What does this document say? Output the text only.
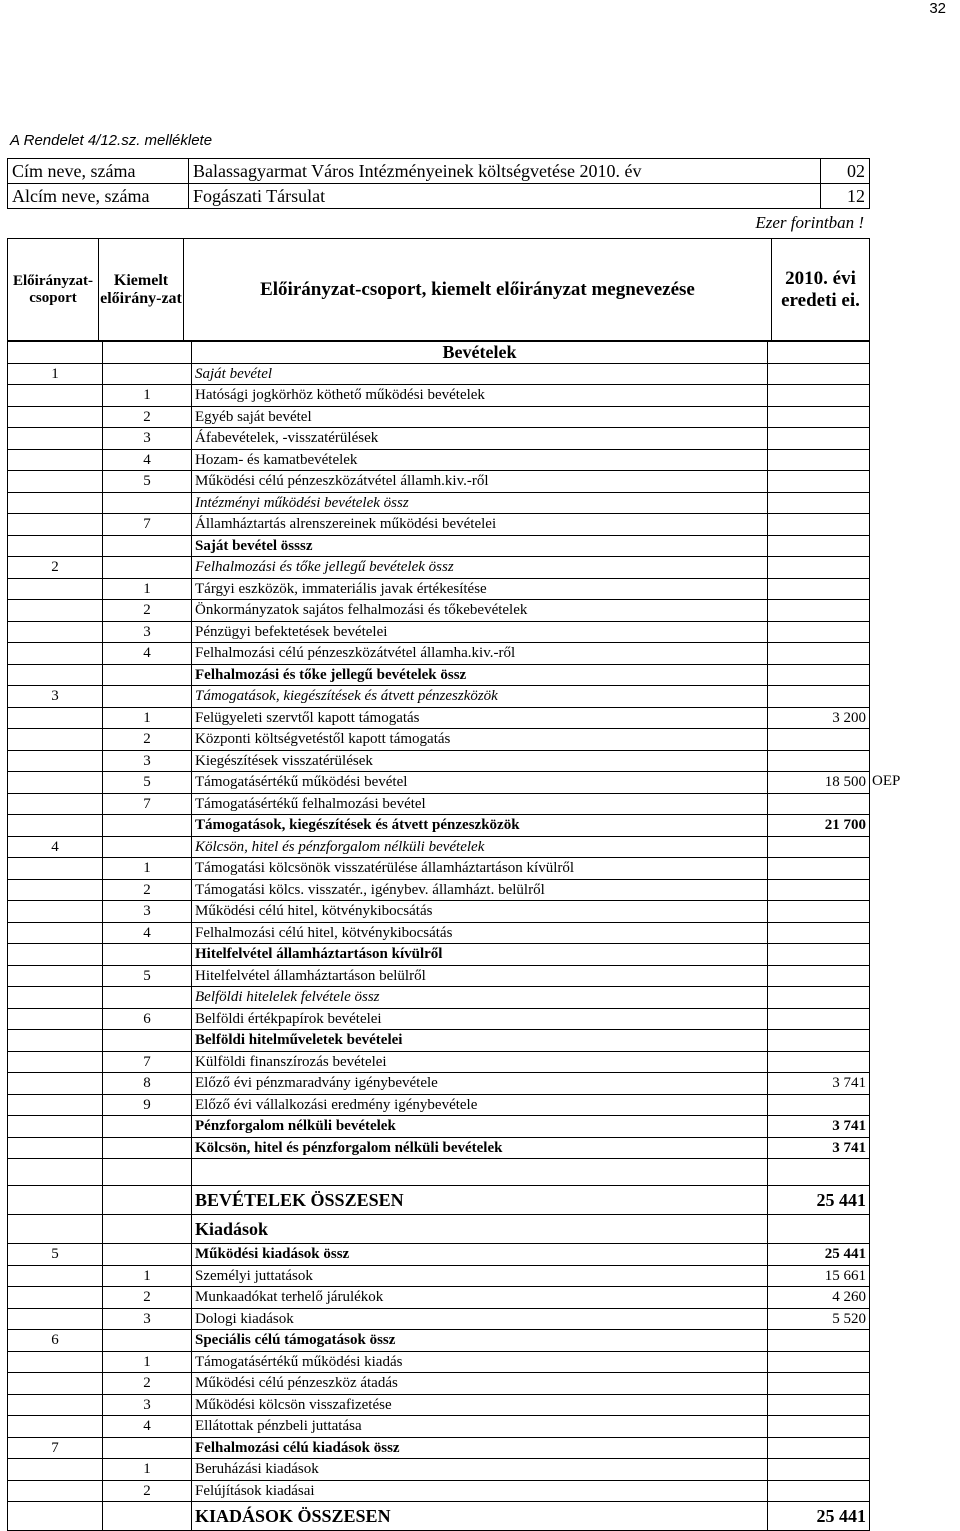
32
A Rendelet 4/12.sz. melléklete
Cím neve, száma	Balassagyarmat Város Intézményeinek költségvetése 2010. év	02
Alcím neve, száma	Fogászati Társulat	12
Ezer forintban !
Előirányzat-csoport	Kiemelt előirány-zat	Előirányzat-csoport, kiemelt előirányzat megnevezése	2010. évi eredeti ei.
		Bevételek	
1		Saját bevétel	
	1	Hatósági jogkörhöz köthető működési bevételek	
	2	Egyéb saját bevétel	
	3	Áfabevételek, -visszatérülések	
	4	Hozam- és kamatbevételek	
	5	Működési célú pénzeszközátvétel államh.kiv.-ről	
		Intézményi működési bevételek össz	
	7	Államháztartás alrenszereinek működési bevételei	
		Saját bevétel össsz	
2		Felhalmozási és tőke jellegű bevételek össz	
	1	Tárgyi eszközök, immateriális javak értékesítése	
	2	Önkormányzatok sajátos felhalmozási és tőkebevételek	
	3	Pénzügyi befektetések bevételei	
	4	Felhalmozási célú pénzeszközátvétel államha.kiv.-ről	
		Felhalmozási és tőke jellegű bevételek össz	
3		Támogatások, kiegészítések és átvett pénzeszközök	
	1	Felügyeleti szervtől kapott támogatás	3 200
	2	Központi költségvetéstől kapott támogatás	
	3	Kiegészítések visszatérülések	
	5	Támogatásértékű működési bevétel	18 500
	7	Támogatásértékű felhalmozási bevétel	
		Támogatások, kiegészítések és átvett pénzeszközök	21 700
4		Kölcsön, hitel és pénzforgalom nélküli bevételek	
	1	Támogatási kölcsönök visszatérülése államháztartáson kívülről	
	2	Támogatási kölcs. visszatér., igénybev. államházt. belülről	
	3	Működési célú hitel, kötvénykibocsátás	
	4	Felhalmozási célú hitel, kötvénykibocsátás	
		Hitelfelvétel államháztartáson kívülről	
	5	Hitelfelvétel államháztartáson belülről	
		Belföldi hitelelek felvétele össz	
	6	Belföldi értékpapírok bevételei	
		Belföldi hitelműveletek bevételei	
	7	Külföldi finanszírozás bevételei	
	8	Előző évi pénzmaradvány igénybevétele	3 741
	9	Előző évi vállalkozási eredmény igénybevétele	
		Pénzforgalom nélküli bevételek	3 741
		Kölcsön, hitel és pénzforgalom nélküli bevételek	3 741

		BEVÉTELEK ÖSSZESEN	25 441
		Kiadások	
5		Működési kiadások össz	25 441
	1	Személyi juttatások	15 661
	2	Munkaadókat terhelő járulékok	4 260
	3	Dologi kiadások	5 520
6		Speciális célú támogatások össz	
	1	Támogatásértékű működési kiadás	
	2	Működési célú pénzeszköz átadás	
	3	Működési kölcsön visszafizetése	
	4	Ellátottak pénzbeli juttatása	
7		Felhalmozási célú kiadások össz	
	1	Beruházási kiadások	
	2	Felújítások kiadásai	
		KIADÁSOK ÖSSZESEN	25 441
OEP
